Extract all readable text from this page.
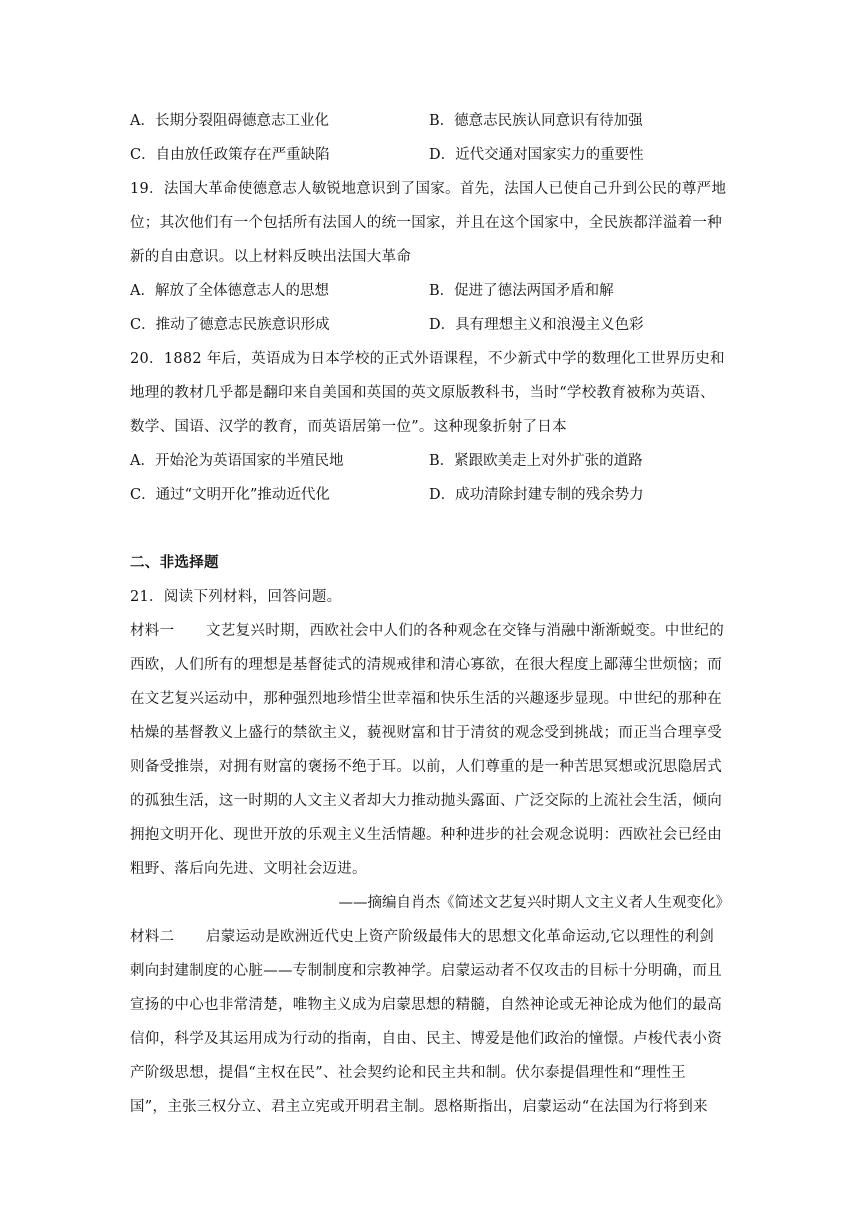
A．长期分裂阻碍德意志工业化	B．德意志民族认同意识有待加强
C．自由放任政策存在严重缺陷	D．近代交通对国家实力的重要性
19．法国大革命使德意志人敏锐地意识到了国家。首先，法国人已使自己升到公民的尊严地
位；其次他们有一个包括所有法国人的统一国家，并且在这个国家中，全民族都洋溢着一种
新的自由意识。以上材料反映出法国大革命
A．解放了全体德意志人的思想	B．促进了德法两国矛盾和解
C．推动了德意志民族意识形成	D．具有理想主义和浪漫主义色彩
20．1882 年后，英语成为日本学校的正式外语课程，不少新式中学的数理化工世界历史和
地理的教材几乎都是翻印来自美国和英国的英文原版教科书，当时“学校教育被称为英语、
数学、国语、汉学的教育，而英语居第一位”。这种现象折射了日本
A．开始沦为英语国家的半殖民地	B．紧跟欧美走上对外扩张的道路
C．通过“文明开化”推动近代化	D．成功清除封建专制的残余势力
二、非选择题
21．阅读下列材料，回答问题。
材料一 文艺复兴时期，西欧社会中人们的各种观念在交锋与消融中渐渐蜕变。中世纪的
西欧，人们所有的理想是基督徒式的清规戒律和清心寡欲，在很大程度上鄙薄尘世烦恼；而
在文艺复兴运动中，那种强烈地珍惜尘世幸福和快乐生活的兴趣逐步显现。中世纪的那种在
枯燥的基督教义上盛行的禁欲主义，藐视财富和甘于清贫的观念受到挑战；而正当合理享受
则备受推崇，对拥有财富的褒扬不绝于耳。以前，人们尊重的是一种苦思冥想或沉思隐居式
的孤独生活，这一时期的人文主义者却大力推动抛头露面、广泛交际的上流社会生活，倾向
拥抱文明开化、现世开放的乐观主义生活情趣。种种进步的社会观念说明：西欧社会已经由
粗野、落后向先进、文明社会迈进。
——摘编自肖杰《简述文艺复兴时期人文主义者人生观变化》
材料二 启蒙运动是欧洲近代史上资产阶级最伟大的思想文化革命运动,它以理性的利剑
刺向封建制度的心脏——专制制度和宗教神学。启蒙运动者不仅攻击的目标十分明确，而且
宣扬的中心也非常清楚，唯物主义成为启蒙思想的精髓，自然神论或无神论成为他们的最高
信仰，科学及其运用成为行动的指南，自由、民主、博爱是他们政治的憧憬。卢梭代表小资
产阶级思想，提倡“主权在民”、社会契约论和民主共和制。伏尔泰提倡理性和“理性王
国”，主张三权分立、君主立宪或开明君主制。恩格斯指出，启蒙运动“在法国为行将到来
